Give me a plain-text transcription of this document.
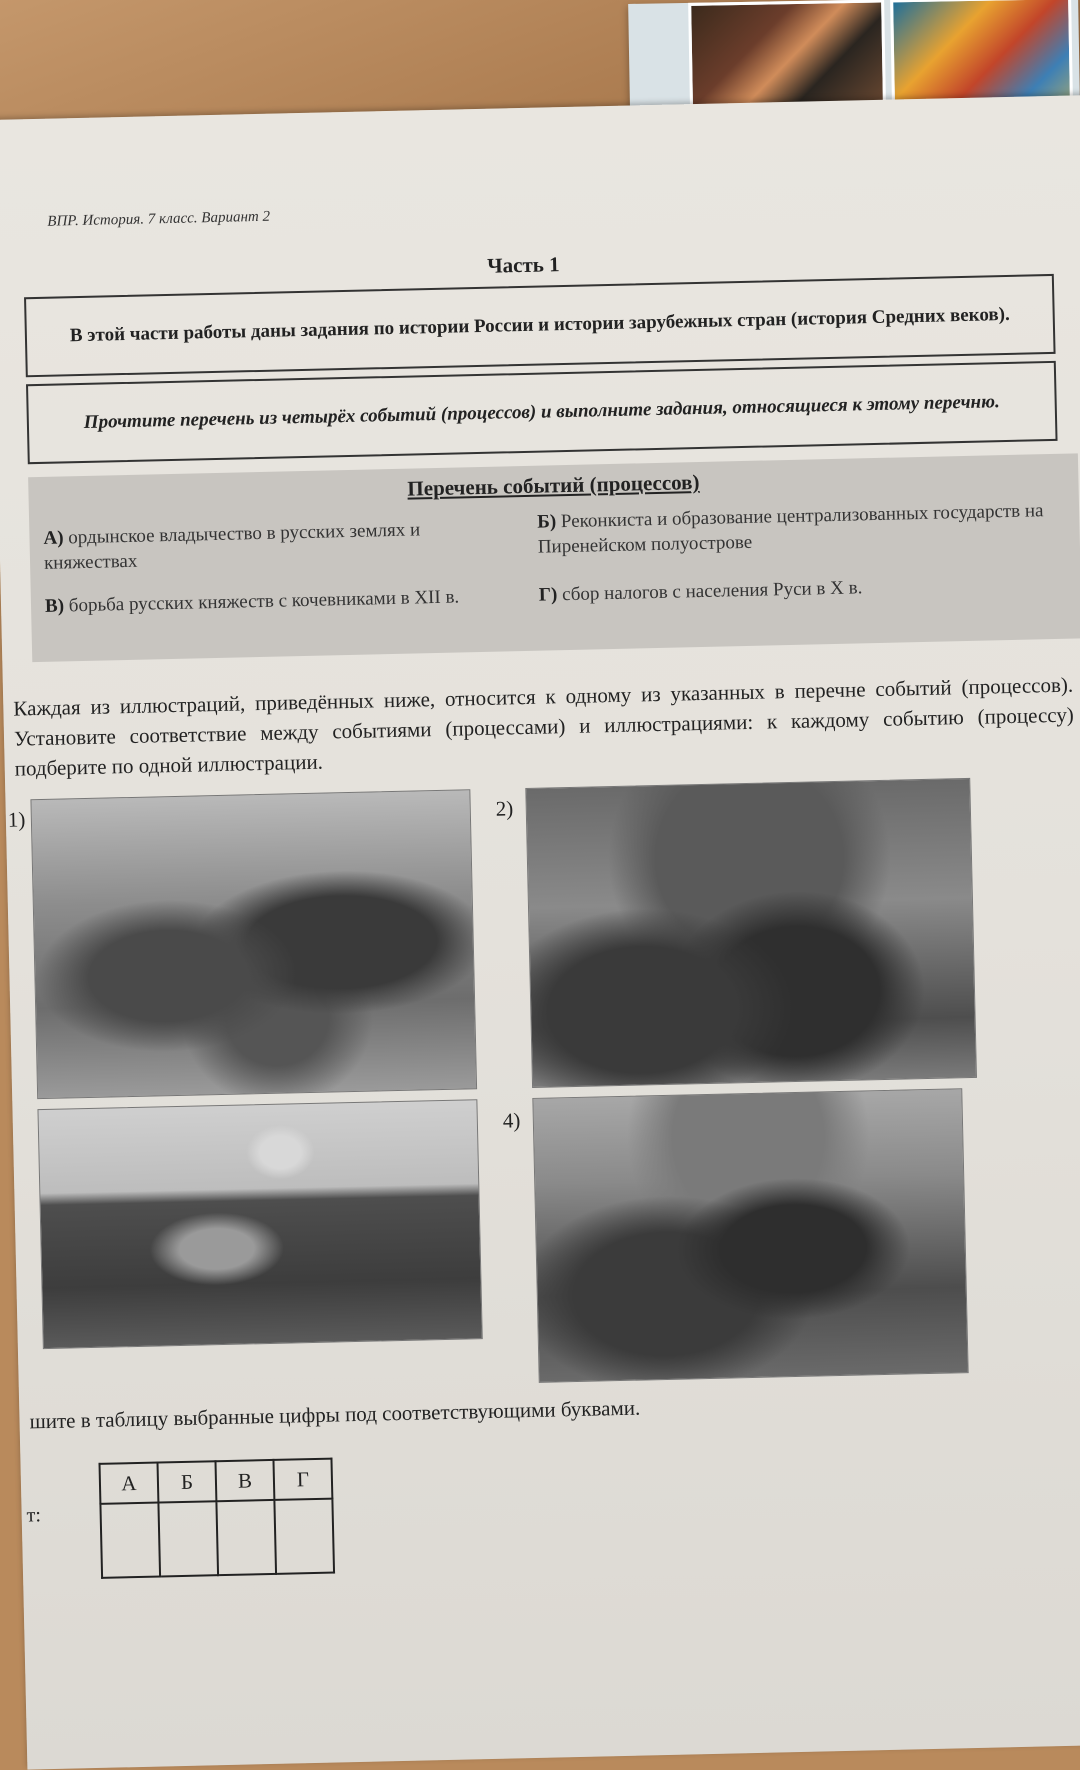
ВПР. История. 7 класс. Вариант 2
Часть 1
В этой части работы даны задания по истории России и истории зарубежных стран (история Средних веков).
Прочтите перечень из четырёх событий (процессов) и выполните задания, относящиеся к этому перечню.
Перечень событий (процессов)
А) ордынское владычество в русских землях и княжествах
Б) Реконкиста и образование централизованных государств на Пиренейском полуострове
В) борьба русских княжеств с кочевниками в XII в.	Г) сбор налогов с населения Руси в X в.
Каждая из иллюстраций, приведённых ниже, относится к одному из указанных в перечне событий (процессов). Установите соответствие между событиями (процессами) и иллюстрациями: к каждому событию (процессу) подберите по одной иллюстрации.
1)	2)
4)
шите в таблицу выбранные цифры под соответствующими буквами.
т:
А	Б	В	Г
